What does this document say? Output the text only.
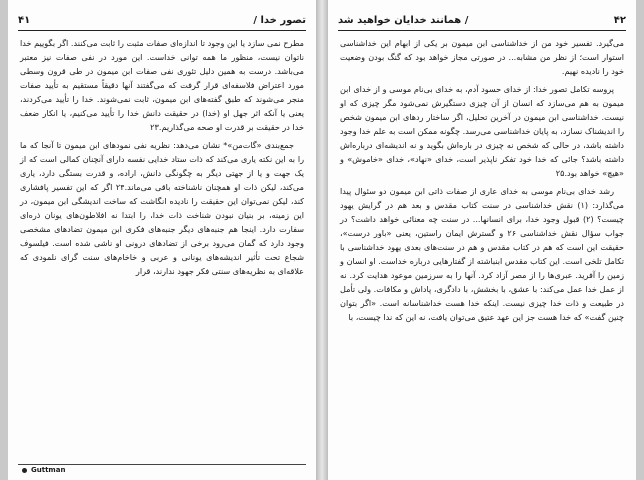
تصور خدا /
۴۱

مطرح نمی سازد یا این وجود تا اندازه‌ای صفات مثبت را ثابت می‌کنند. اگر بگوییم خدا ناتوان نیست، منظور ما همه توانی خداست. این مورد در نفی صفات نیز معتبر می‌باشد. درست به همین دلیل تئوری نفی صفات ابن میمون در طی قرون وسطی مورد اعتراض فلاسفه‌ای قرار گرفت که می‌گفتند آنها دقیقاً مستقیم به تأیید صفات منجر می‌شوند که طبق گفته‌های ابن میمون، ثابت نمی‌شوند. خدا را تأیید می‌کردند، یعنی یا آنکه اثر جهل او (خدا) در حقیقت دانش خدا را تأیید می‌کنیم، یا انکار ضعف خدا در حقیقت بر قدرت او صحه می‌گذاریم.۲۳

جمع‌بندی «گات‌من»* نشان می‌دهد: نظریه نفی نمودهای ابن میمون تا آنجا که ما را به این نکته یاری می‌کند که ذات ستاد خدایی نفسه دارای آنچنان کمالی است که از یک جهت و یا از جهتی دیگر به چگونگی دانش، اراده، و قدرت بستگی دارد، یاری می‌کند، لیکن ذات او همچنان ناشناخته باقی می‌ماند.۲۴ اگر که این تفسیر پافشاری کند، لیکن نمی‌توان این حقیقت را نادیده انگاشت که ساخت اندیشگی ابن میمون، در این زمینه، بر بنیان نبودن شناخت ذات خدا، را ابتدا نه افلاطون‌های یونان ذره‌ای سفارت دارد. اینجا هم جنبه‌های دیگر جنبه‌های فکری ابن میمون تضادهای مشخصی وجود دارد که گمان می‌رود برخی از تضادهای درونی او ناشی شده است. فیلسوف شجاع تحت تأثیر اندیشه‌های یونانی و عربی و خاخام‌های سنت گرای نلمودی که علاقه‌ای به نظریه‌های سنتی فکر جهود ندارند، قرار

Guttman
۴۲
/ همانند خدایان خواهید شد

می‌گیرد. تفسیر خود من از خداشناسی ابن میمون بر یکی از ابهام این خداشناسی استوار است؛ از نظر من مشابه... در صورتی مجاز خواهد بود که گنگ بودن وضعیت خود را نادیده نهیم.

پروسه تکامل تصور خدا: از خدای حسود آدم، به خدای بی‌نام موسی و از خدای ابن میمون به هم می‌سازد که انسان از آن چیزی دستگیرش نمی‌شود مگر چیزی که او نیست. خداشناسی ابن میمون در آخرین تحلیل، اگر ساختار ردهای ابن میمون شخص را اندیشناک نسازد، به پایان خداشناسی می‌رسد. چگونه ممکن است به علم خدا وجود داشته باشد، در حالی که شخص نه چیزی در باره‌اش بگوید و نه اندیشه‌ای درباره‌اش داشته باشد؟ جائی که خدا خود تفکر ناپذیر است، خدای «نهاد»، خدای «خاموش» و «هیچ» خواهد بود.۲۵

رشد خدای بی‌نام موسی به خدای عاری از صفات ذاتی ابن میمون دو سئوال پیدا می‌گذارد: (۱) نقش خداشناسی در سنت کتاب مقدس و بعد هم در گرایش یهود چیست؟ (۲) قبول وجود خدا، برای انسانها... در سنت چه معنائی خواهد داشت؟ در جواب سؤال نقش خداشناسی ۲۶ و گسترش ایمان راستین، یعنی «باور درست»، حقیقت این است که هم در کتاب مقدس و هم در سنت‌های بعدی یهود خداشناسی با تکامل تلخی است. این کتاب مقدس ابنباشته از گفتارهایی درباره خداست. او انسان و زمین را آفرید. عبری‌ها را از مصر آزاد کرد. آنها را به سرزمین موعود هدایت کرد. نه از عمل خدا عمل می‌کند: با عشق، با بخشش، با دادگری، پاداش و مکافات. ولی تأمل در طبیعت و ذات خدا چیزی نیست. اینکه خدا هست خداشناسانه است. «اگر بتوان چنین گفت» که خدا هست جز این عهد عتیق می‌توان یافت، نه این که ندا چیست، با
